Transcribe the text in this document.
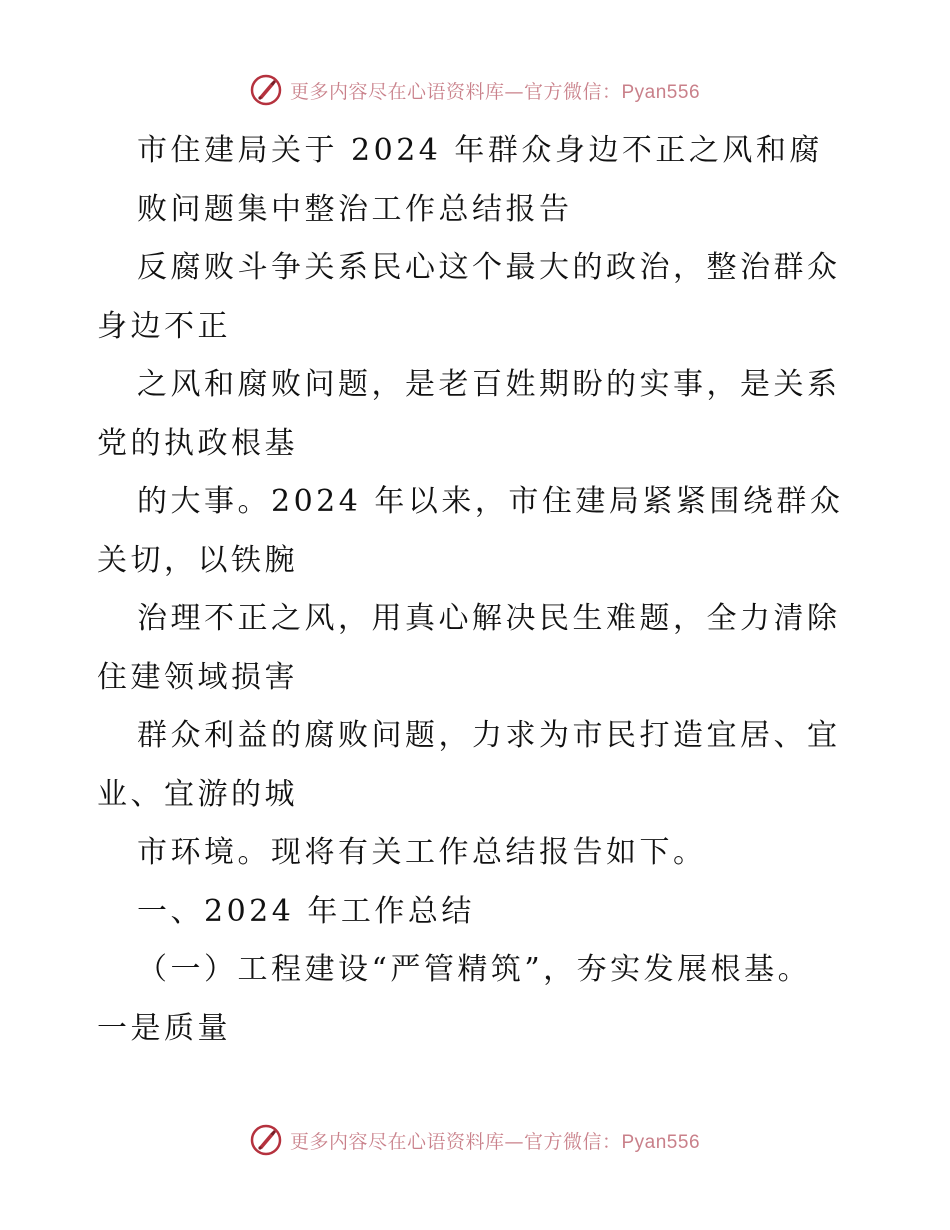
更多内容尽在心语资料库—官方微信：Pyan556
市住建局关于 2024 年群众身边不正之风和腐
败问题集中整治工作总结报告
反腐败斗争关系民心这个最大的政治，整治群众
身边不正
之风和腐败问题，是老百姓期盼的实事，是关系
党的执政根基
的大事。2024 年以来，市住建局紧紧围绕群众
关切，以铁腕
治理不正之风，用真心解决民生难题，全力清除
住建领域损害
群众利益的腐败问题，力求为市民打造宜居、宜
业、宜游的城
市环境。现将有关工作总结报告如下。
一、2024 年工作总结
（一）工程建设“严管精筑”，夯实发展根基。
一是质量
更多内容尽在心语资料库—官方微信：Pyan556
